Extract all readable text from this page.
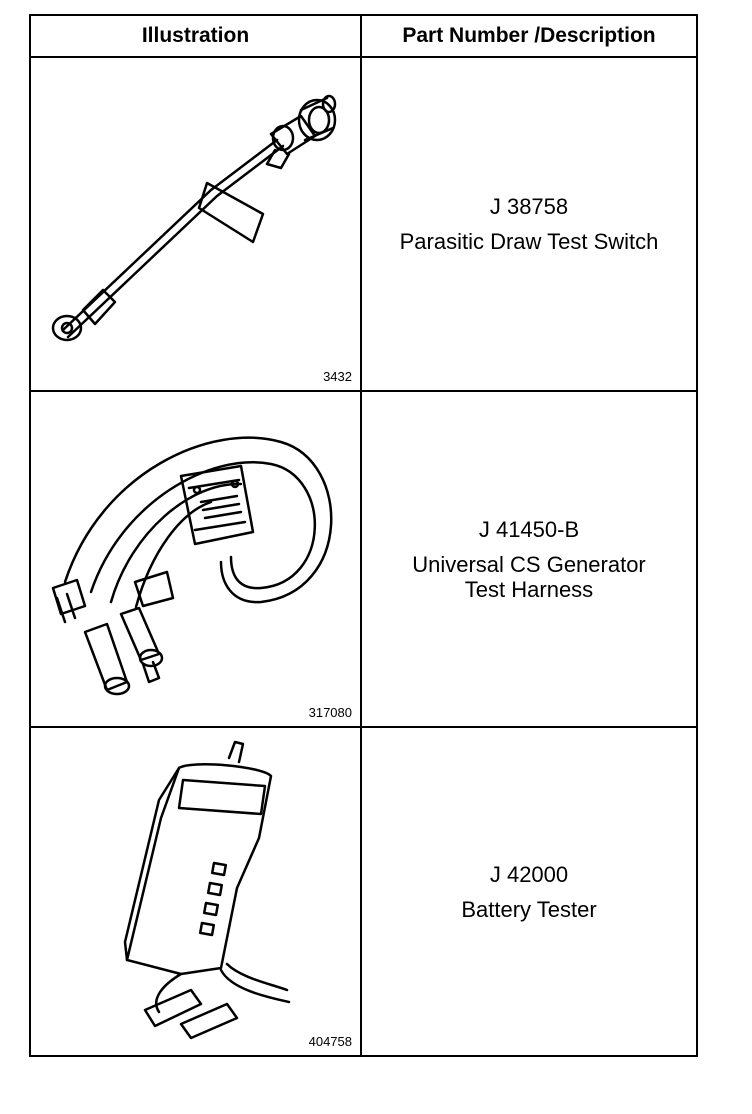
Illustration	Part Number /Description
3432
J 38758
Parasitic Draw Test Switch
317080
J 41450-B
Universal CS Generator
Test Harness
404758
J 42000
Battery Tester
